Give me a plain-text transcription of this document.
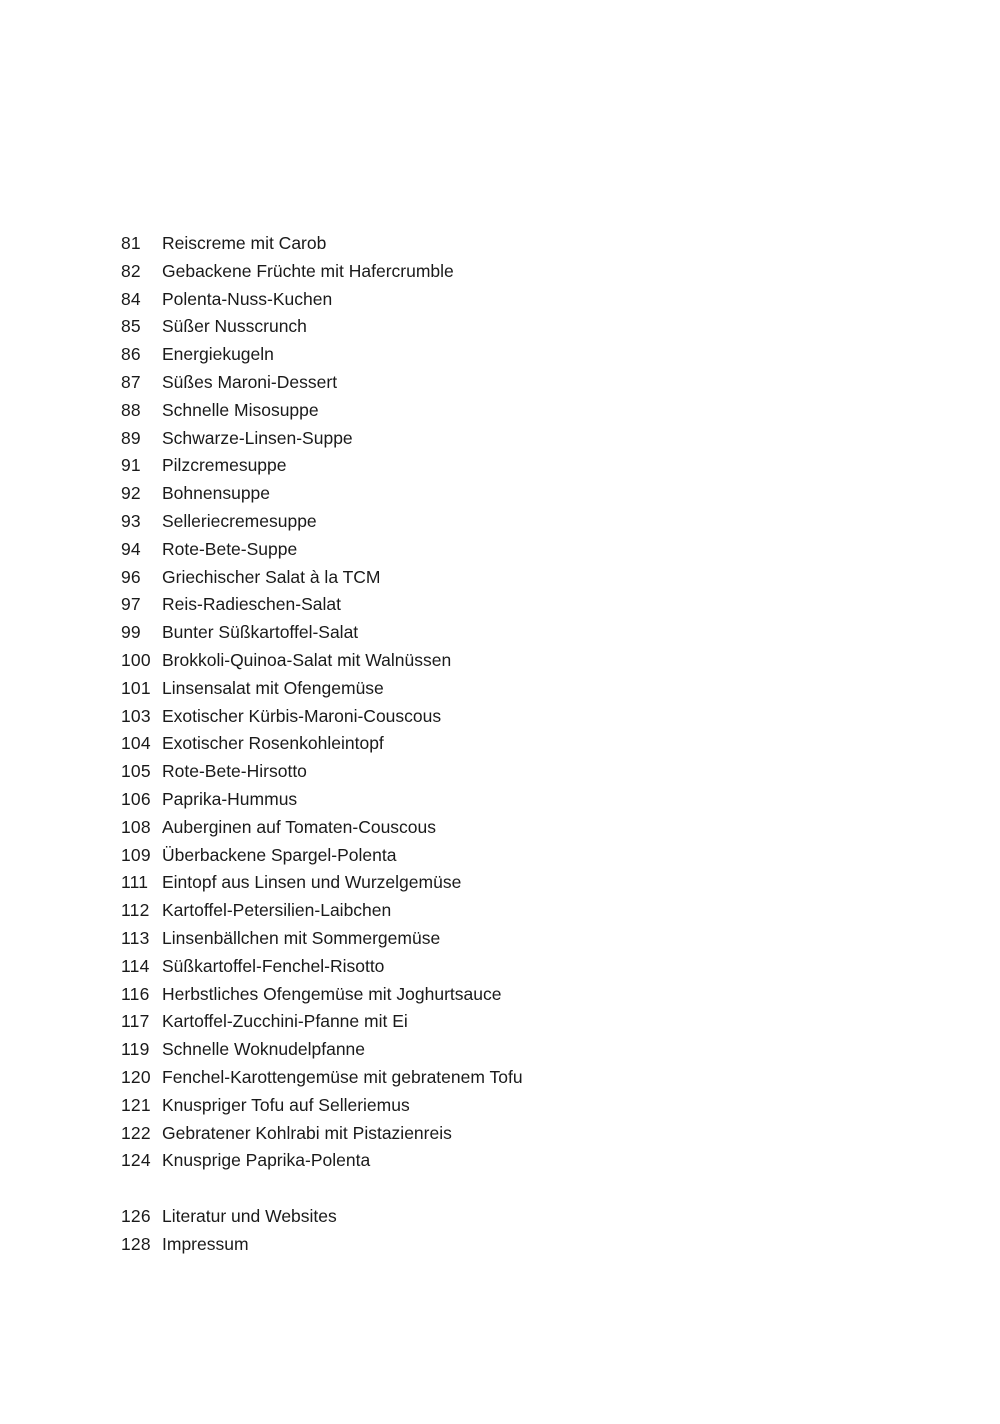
81	Reiscreme mit Carob
82	Gebackene Früchte mit Hafercrumble
84	Polenta-Nuss-Kuchen
85	Süßer Nusscrunch
86	Energiekugeln
87	Süßes Maroni-Dessert
88	Schnelle Misosuppe
89	Schwarze-Linsen-Suppe
91	Pilzcremesuppe
92	Bohnensuppe
93	Selleriecremesuppe
94	Rote-Bete-Suppe
96	Griechischer Salat à la TCM
97	Reis-Radieschen-Salat
99	Bunter Süßkartoffel-Salat
100 Brokkoli-Quinoa-Salat mit Walnüssen
101 Linsensalat mit Ofengemüse
103 Exotischer Kürbis-Maroni-Couscous
104 Exotischer Rosenkohleintopf
105 Rote-Bete-Hirsotto
106 Paprika-Hummus
108 Auberginen auf Tomaten-Couscous
109 Überbackene Spargel-Polenta
111 Eintopf aus Linsen und Wurzelgemüse
112 Kartoffel-Petersilien-Laibchen
113 Linsenbällchen mit Sommergemüse
114 Süßkartoffel-Fenchel-Risotto
116 Herbstliches Ofengemüse mit Joghurtsauce
117 Kartoffel-Zucchini-Pfanne mit Ei
119 Schnelle Woknudelpfanne
120 Fenchel-Karottengemüse mit gebratenem Tofu
121 Knuspriger Tofu auf Selleriemus
122 Gebratener Kohlrabi mit Pistazienreis
124 Knusprige Paprika-Polenta
126 Literatur und Websites
128 Impressum
